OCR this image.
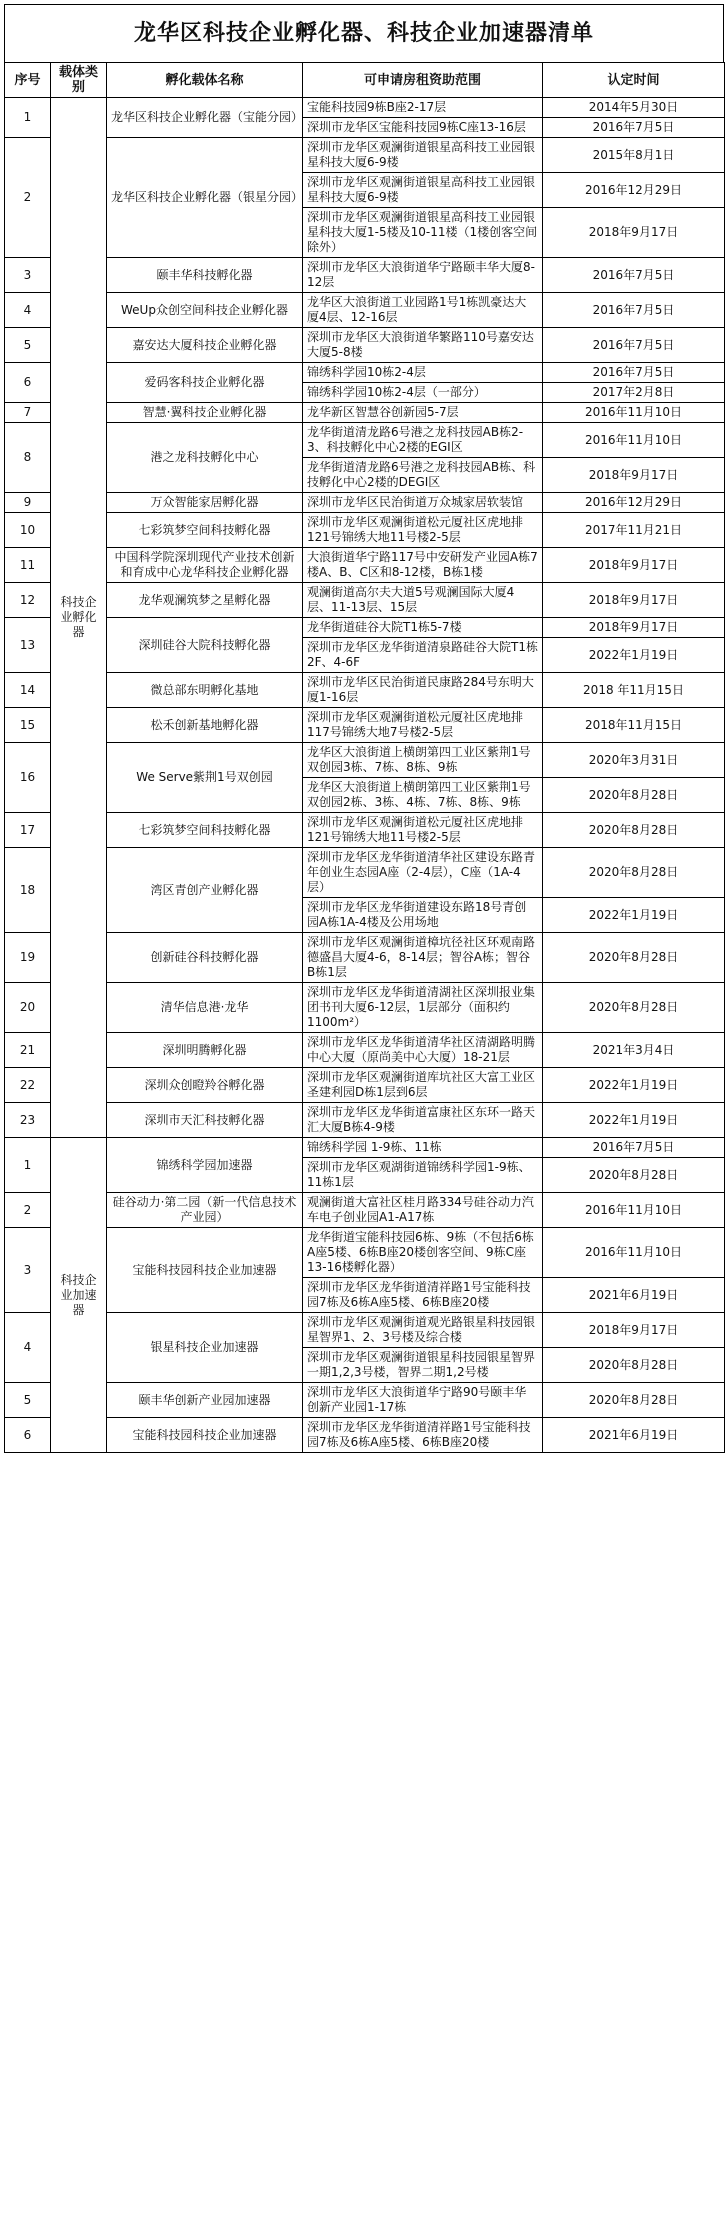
龙华区科技企业孵化器、科技企业加速器清单
序号	载体类别	孵化载体名称	可申请房租资助范围	认定时间
1	科技企业孵化器	龙华区科技企业孵化器（宝能分园）	宝能科技园9栋B座2-17层	2014年5月30日
			深圳市龙华区宝能科技园9栋C座13-16层	2016年7月5日
2		龙华区科技企业孵化器（银星分园）	深圳市龙华区观澜街道银星高科技工业园银星科技大厦6-9楼	2015年8月1日
			深圳市龙华区观澜街道银星高科技工业园银星科技大厦6-9楼	2016年12月29日
			深圳市龙华区观澜街道银星高科技工业园银星科技大厦1-5楼及10-11楼（1楼创客空间除外）	2018年9月17日
3		颐丰华科技孵化器	深圳市龙华区大浪街道华宁路颐丰华大厦8-12层	2016年7月5日
4		WeUp众创空间科技企业孵化器	龙华区大浪街道工业园路1号1栋凯豪达大厦4层、12-16层	2016年7月5日
5		嘉安达大厦科技企业孵化器	深圳市龙华区大浪街道华繁路110号嘉安达大厦5-8楼	2016年7月5日
6		爱码客科技企业孵化器	锦绣科学园10栋2-4层	2016年7月5日
			锦绣科学园10栋2-4层（一部分）	2017年2月8日
7		智慧·翼科技企业孵化器	龙华新区智慧谷创新园5-7层	2016年11月10日
8		港之龙科技孵化中心	龙华街道清龙路6号港之龙科技园AB栋2-3、科技孵化中心2楼的EGI区	2016年11月10日
			龙华街道清龙路6号港之龙科技园AB栋、科技孵化中心2楼的DEGI区	2018年9月17日
9		万众智能家居孵化器	深圳市龙华区民治街道万众城家居软装馆	2016年12月29日
10		七彩筑梦空间科技孵化器	深圳市龙华区观澜街道松元厦社区虎地排121号锦绣大地11号楼2-5层	2017年11月21日
11		中国科学院深圳现代产业技术创新和育成中心龙华科技企业孵化器	大浪街道华宁路117号中安研发产业园A栋7楼A、B、C区和8-12楼，B栋1楼	2018年9月17日
12		龙华观澜筑梦之星孵化器	观澜街道高尔夫大道5号观澜国际大厦4层、11-13层、15层	2018年9月17日
13		深圳硅谷大院科技孵化器	龙华街道硅谷大院T1栋5-7楼	2018年9月17日
			深圳市龙华区龙华街道清泉路硅谷大院T1栋2F、4-6F	2022年1月19日
14		微总部东明孵化基地	深圳市龙华区民治街道民康路284号东明大厦1-16层	2018 年11月15日
15		松禾创新基地孵化器	深圳市龙华区观澜街道松元厦社区虎地排117号锦绣大地7号楼2-5层	2018年11月15日
16		We Serve紫荆1号双创园	龙华区大浪街道上横朗第四工业区紫荆1号双创园3栋、7栋、8栋、9栋	2020年3月31日
			龙华区大浪街道上横朗第四工业区紫荆1号双创园2栋、3栋、4栋、7栋、8栋、9栋	2020年8月28日
17		七彩筑梦空间科技孵化器	深圳市龙华区观澜街道松元厦社区虎地排121号锦绣大地11号楼2-5层	2020年8月28日
18		湾区青创产业孵化器	深圳市龙华区龙华街道清华社区建设东路青年创业生态园A座（2-4层），C座（1A-4层）	2020年8月28日
			深圳市龙华区龙华街道建设东路18号青创园A栋1A-4楼及公用场地	2022年1月19日
19		创新硅谷科技孵化器	深圳市龙华区观澜街道樟坑径社区环观南路德盛昌大厦4-6，8-14层；智谷A栋；智谷B栋1层	2020年8月28日
20		清华信息港·龙华	深圳市龙华区龙华街道清湖社区深圳报业集团书刊大厦6-12层，1层部分（面积约1100m²）	2020年8月28日
21		深圳明腾孵化器	深圳市龙华区龙华街道清华社区清湖路明腾中心大厦（原尚美中心大厦）18-21层	2021年3月4日
22		深圳众创瞪羚谷孵化器	深圳市龙华区观澜街道库坑社区大富工业区圣建利园D栋1层到6层	2022年1月19日
23		深圳市天汇科技孵化器	深圳市龙华区龙华街道富康社区东环一路天汇大厦B栋4-9楼	2022年1月19日
1	科技企业加速器	锦绣科学园加速器	锦绣科学园 1-9栋、11栋	2016年7月5日
			深圳市龙华区观湖街道锦绣科学园1-9栋、11栋1层	2020年8月28日
2		硅谷动力·第二园（新一代信息技术产业园）	观澜街道大富社区桂月路334号硅谷动力汽车电子创业园A1-A17栋	2016年11月10日
3		宝能科技园科技企业加速器	龙华街道宝能科技园6栋、9栋（不包括6栋A座5楼、6栋B座20楼创客空间、9栋C座13-16楼孵化器）	2016年11月10日
			深圳市龙华区龙华街道清祥路1号宝能科技园7栋及6栋A座5楼、6栋B座20楼	2021年6月19日
4		银星科技企业加速器	深圳市龙华区观澜街道观光路银星科技园银星智界1、2、3号楼及综合楼	2018年9月17日
			深圳市龙华区观澜街道银星科技园银星智界一期1,2,3号楼，智界二期1,2号楼	2020年8月28日
5		颐丰华创新产业园加速器	深圳市龙华区大浪街道华宁路90号颐丰华创新产业园1-17栋	2020年8月28日
6		宝能科技园科技企业加速器	深圳市龙华区龙华街道清祥路1号宝能科技园7栋及6栋A座5楼、6栋B座20楼	2021年6月19日
